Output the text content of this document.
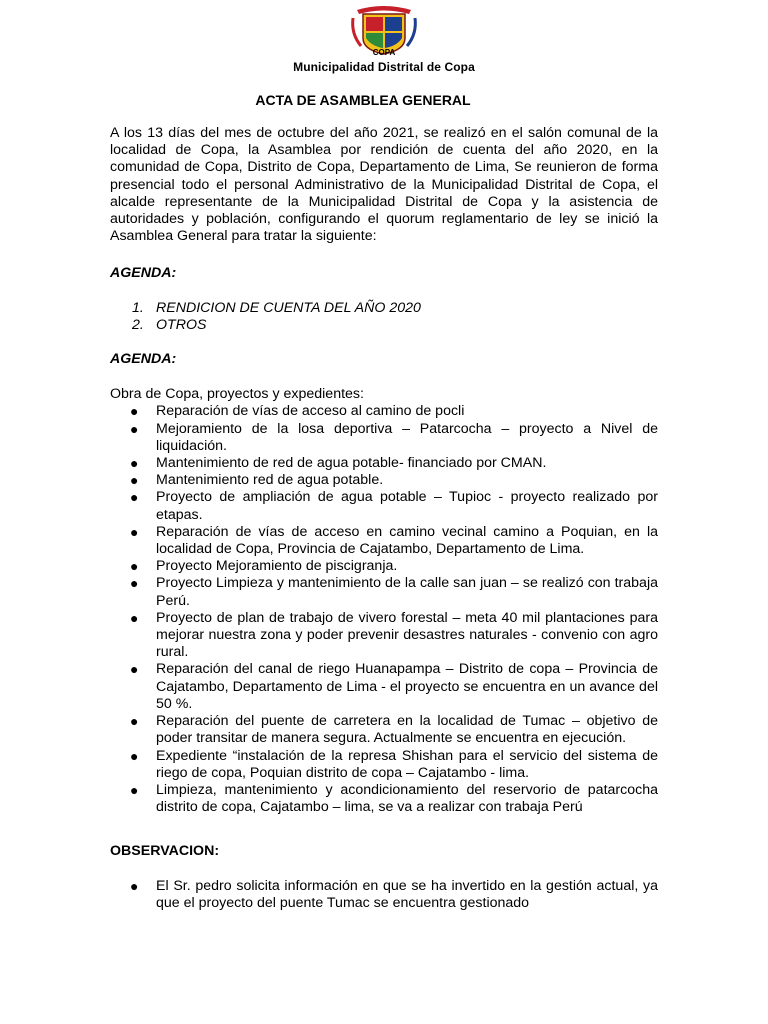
COPA
Municipalidad Distrital de Copa
ACTA DE ASAMBLEA GENERAL

A los 13 días del mes de octubre del año 2021, se realizó en el salón comunal de la localidad de Copa, la Asamblea por rendición de cuenta del año 2020, en la comunidad de Copa, Distrito de Copa, Departamento de Lima, Se reunieron de forma presencial todo el personal Administrativo de la Municipalidad Distrital de Copa, el alcalde representante de la Municipalidad Distrital de Copa y la asistencia de autoridades y población, configurando el quorum reglamentario de ley se inició la Asamblea General para tratar la siguiente:

AGENDA:

1. RENDICION DE CUENTA DEL AÑO 2020
2. OTROS

AGENDA:

Obra de Copa, proyectos y expedientes:

● Reparación de vías de acceso al camino de pocli
● Mejoramiento de la losa deportiva – Patarcocha – proyecto a Nivel de liquidación.
● Mantenimiento de red de agua potable- financiado por CMAN.
● Mantenimiento red de agua potable.
● Proyecto de ampliación de agua potable – Tupioc - proyecto realizado por etapas.
● Reparación de vías de acceso en camino vecinal camino a Poquian, en la localidad de Copa, Provincia de Cajatambo, Departamento de Lima.
● Proyecto Mejoramiento de piscigranja.
● Proyecto Limpieza y mantenimiento de la calle san juan – se realizó con trabaja Perú.
● Proyecto de plan de trabajo de vivero forestal – meta 40 mil plantaciones para mejorar nuestra zona y poder prevenir desastres naturales - convenio con agro rural.
● Reparación del canal de riego Huanapampa – Distrito de copa – Provincia de Cajatambo, Departamento de Lima - el proyecto se encuentra en un avance del 50 %.
● Reparación del puente de carretera en la localidad de Tumac – objetivo de poder transitar de manera segura. Actualmente se encuentra en ejecución.
● Expediente “instalación de la represa Shishan para el servicio del sistema de riego de copa, Poquian distrito de copa – Cajatambo - lima.
● Limpieza, mantenimiento y acondicionamiento del reservorio de patarcocha distrito de copa, Cajatambo – lima, se va a realizar con trabaja Perú

OBSERVACION:

● El Sr. pedro solicita información en que se ha invertido en la gestión actual, ya que el proyecto del puente Tumac se encuentra gestionado
